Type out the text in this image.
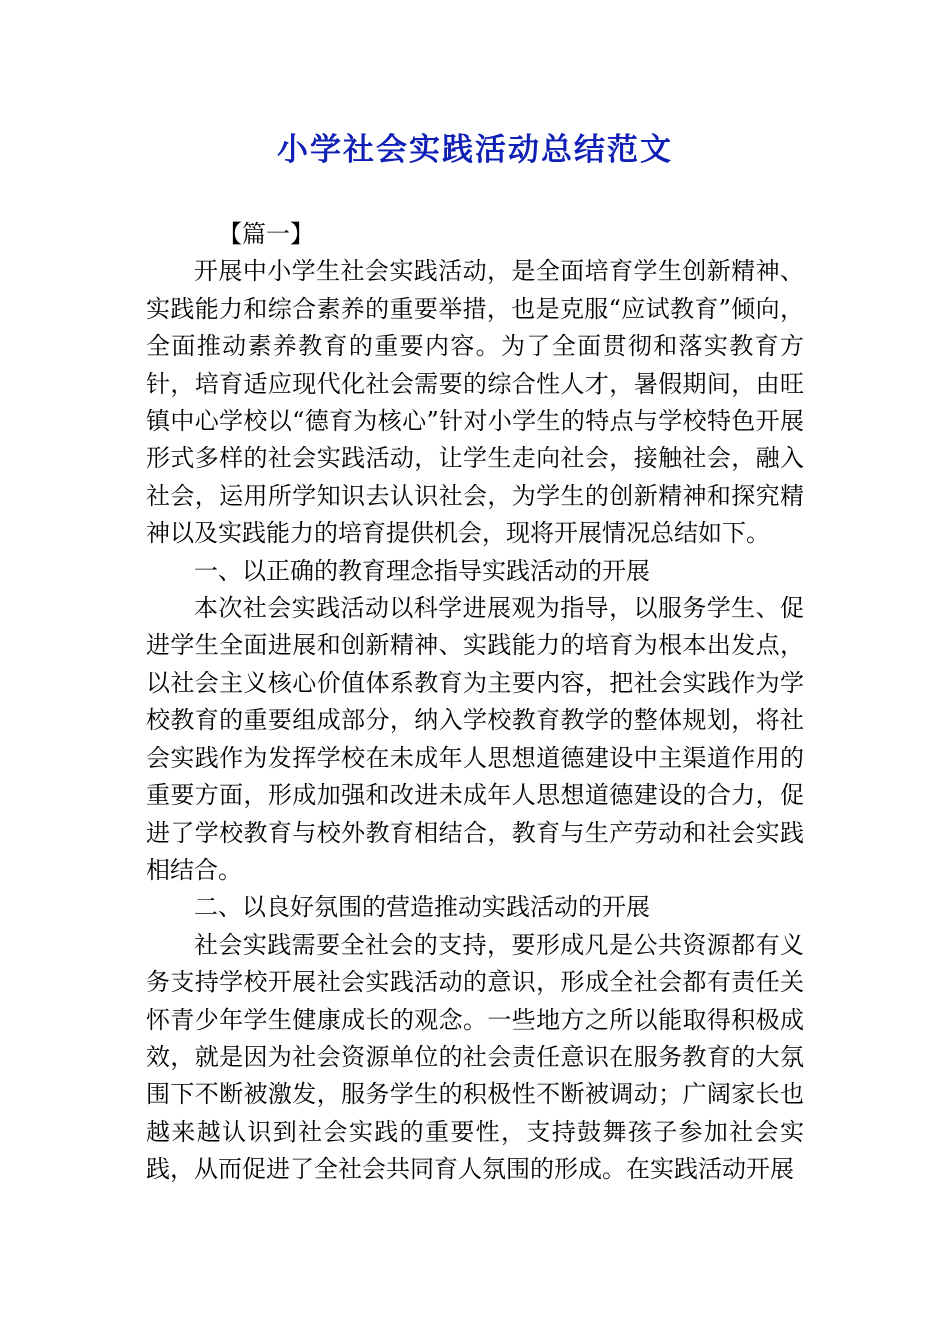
小学社会实践活动总结范文

【篇一】

开展中小学生社会实践活动，是全面培育学生创新精神、实践能力和综合素养的重要举措，也是克服“应试教育”倾向，全面推动素养教育的重要内容。为了全面贯彻和落实教育方针，培育适应现代化社会需要的综合性人才，暑假期间，由旺镇中心学校以“德育为核心”针对小学生的特点与学校特色开展形式多样的社会实践活动，让学生走向社会，接触社会，融入社会，运用所学知识去认识社会，为学生的创新精神和探究精神以及实践能力的培育提供机会，现将开展情况总结如下。

一、以正确的教育理念指导实践活动的开展

本次社会实践活动以科学进展观为指导，以服务学生、促进学生全面进展和创新精神、实践能力的培育为根本出发点，以社会主义核心价值体系教育为主要内容，把社会实践作为学校教育的重要组成部分，纳入学校教育教学的整体规划，将社会实践作为发挥学校在未成年人思想道德建设中主渠道作用的重要方面，形成加强和改进未成年人思想道德建设的合力，促进了学校教育与校外教育相结合，教育与生产劳动和社会实践相结合。

二、以良好氛围的营造推动实践活动的开展

社会实践需要全社会的支持，要形成凡是公共资源都有义务支持学校开展社会实践活动的意识，形成全社会都有责任关怀青少年学生健康成长的观念。一些地方之所以能取得积极成效，就是因为社会资源单位的社会责任意识在服务教育的大氛围下不断被激发，服务学生的积极性不断被调动；广阔家长也越来越认识到社会实践的重要性，支持鼓舞孩子参加社会实践，从而促进了全社会共同育人氛围的形成。在实践活动开展
